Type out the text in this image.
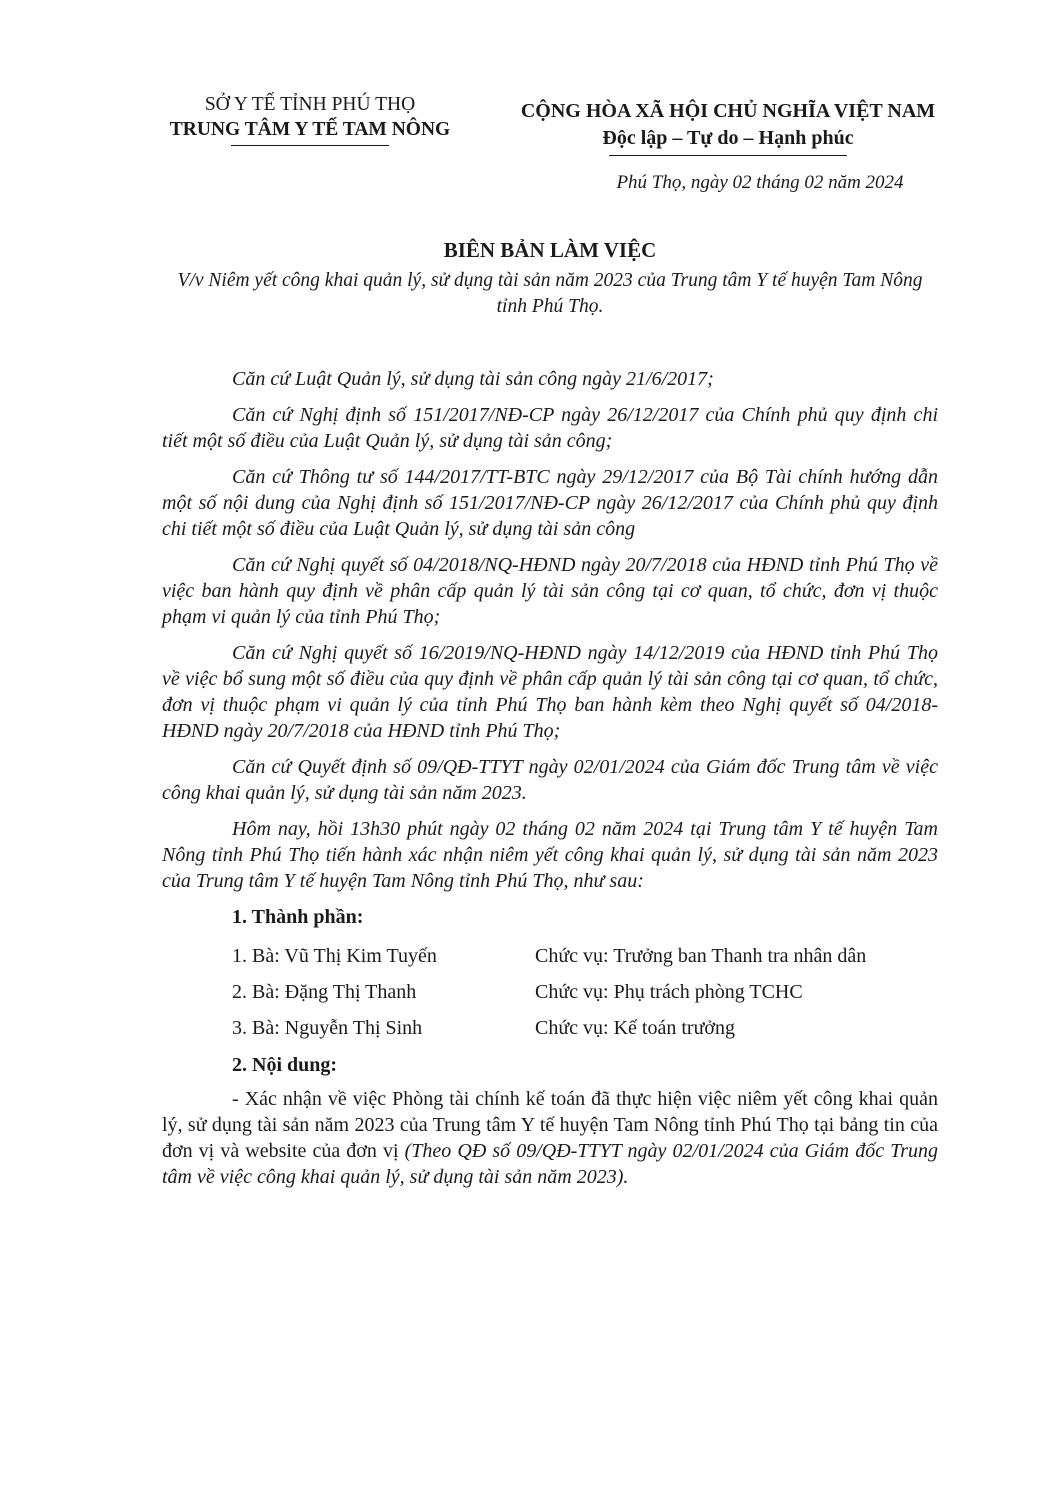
SỞ Y TẾ TỈNH PHÚ THỌ
TRUNG TÂM Y TẾ TAM NÔNG
CỘNG HÒA XÃ HỘI CHỦ NGHĨA VIỆT NAM
Độc lập – Tự do – Hạnh phúc
Phú Thọ, ngày 02 tháng 02 năm 2024
BIÊN BẢN LÀM VIỆC
V/v Niêm yết công khai quản lý, sử dụng tài sản năm 2023 của Trung tâm Y tế huyện Tam Nông tỉnh Phú Thọ.

Căn cứ Luật Quản lý, sử dụng tài sản công ngày 21/6/2017;

Căn cứ Nghị định số 151/2017/NĐ-CP ngày 26/12/2017 của Chính phủ quy định chi tiết một số điều của Luật Quản lý, sử dụng tài sản công;

Căn cứ Thông tư số 144/2017/TT-BTC ngày 29/12/2017 của Bộ Tài chính hướng dẫn một số nội dung của Nghị định số 151/2017/NĐ-CP ngày 26/12/2017 của Chính phủ quy định chi tiết một số điều của Luật Quản lý, sử dụng tài sản công

Căn cứ Nghị quyết số 04/2018/NQ-HĐND ngày 20/7/2018 của HĐND tỉnh Phú Thọ về việc ban hành quy định về phân cấp quản lý tài sản công tại cơ quan, tổ chức, đơn vị thuộc phạm vi quản lý của tỉnh Phú Thọ;

Căn cứ Nghị quyết số 16/2019/NQ-HĐND ngày 14/12/2019 của HĐND tỉnh Phú Thọ về việc bổ sung một số điều của quy định về phân cấp quản lý tài sản công tại cơ quan, tổ chức, đơn vị thuộc phạm vi quản lý của tỉnh Phú Thọ ban hành kèm theo Nghị quyết số 04/2018-HĐND ngày 20/7/2018 của HĐND tỉnh Phú Thọ;

Căn cứ Quyết định số 09/QĐ-TTYT ngày 02/01/2024 của Giám đốc Trung tâm về việc công khai quản lý, sử dụng tài sản năm 2023.

Hôm nay, hồi 13h30 phút ngày 02 tháng 02 năm 2024 tại Trung tâm Y tế huyện Tam Nông tỉnh Phú Thọ tiến hành xác nhận niêm yết công khai quản lý, sử dụng tài sản năm 2023 của Trung tâm Y tế huyện Tam Nông tỉnh Phú Thọ, như sau:

1. Thành phần:
1. Bà: Vũ Thị Kim Tuyến	Chức vụ: Trưởng ban Thanh tra nhân dân
2. Bà: Đặng Thị Thanh	Chức vụ: Phụ trách phòng TCHC
3. Bà: Nguyễn Thị Sinh	Chức vụ: Kế toán trưởng
2. Nội dung:

- Xác nhận về việc Phòng tài chính kế toán đã thực hiện việc niêm yết công khai quản lý, sử dụng tài sản năm 2023 của Trung tâm Y tế huyện Tam Nông tỉnh Phú Thọ tại bảng tin của đơn vị và website của đơn vị (Theo QĐ số 09/QĐ-TTYT ngày 02/01/2024 của Giám đốc Trung tâm về việc công khai quản lý, sử dụng tài sản năm 2023).
